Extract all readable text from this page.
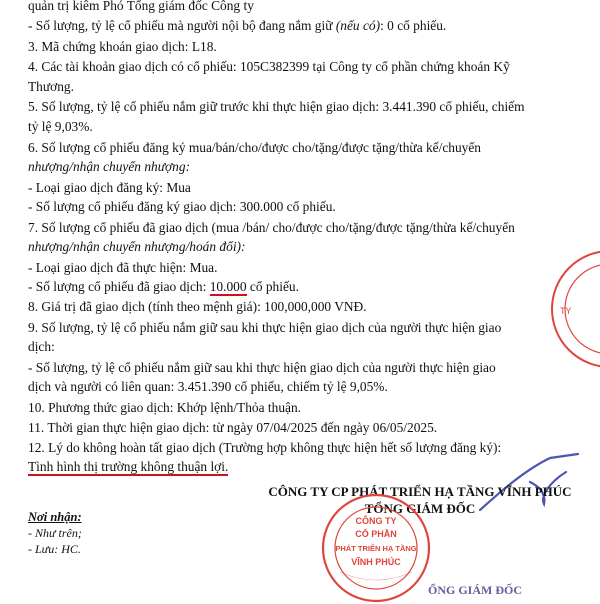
quản trị kiêm Phó Tổng giám đốc Công ty
- Số lượng, tỷ lệ cổ phiếu mà người nội bộ đang nắm giữ (nếu có): 0 cổ phiếu.
3. Mã chứng khoán giao dịch: L18.
4. Các tài khoản giao dịch có cổ phiếu: 105C382399 tại Công ty cổ phần chứng khoán Kỹ
Thương.
5. Số lượng, tỷ lệ cổ phiếu nắm giữ trước khi thực hiện giao dịch: 3.441.390 cổ phiếu, chiếm
tỷ lệ 9,03%.
6. Số lượng cổ phiếu đăng ký mua/bán/cho/được cho/tặng/được tặng/thừa kế/chuyển
nhượng/nhận chuyển nhượng:
- Loại giao dịch đăng ký: Mua
- Số lượng cổ phiếu đăng ký giao dịch: 300.000 cổ phiếu.
7. Số lượng cổ phiếu đã giao dịch (mua /bán/ cho/được cho/tặng/được tặng/thừa kế/chuyển
nhượng/nhận chuyển nhượng/hoán đổi):
- Loại giao dịch đã thực hiện: Mua.
- Số lượng cổ phiếu đã giao dịch: 10.000 cổ phiếu.
8. Giá trị đã giao dịch (tính theo mệnh giá): 100,000,000 VNĐ.
9. Số lượng, tỷ lệ cổ phiếu nắm giữ sau khi thực hiện giao dịch của người thực hiện giao
dịch:
- Số lượng, tỷ lệ cổ phiếu nắm giữ sau khi thực hiện giao dịch của người thực hiện giao
dịch và người có liên quan: 3.451.390 cổ phiếu, chiếm tỷ lệ 9,05%.
10. Phương thức giao dịch: Khớp lệnh/Thỏa thuận.
11. Thời gian thực hiện giao dịch: từ ngày 07/04/2025 đến ngày 06/05/2025.
12. Lý do không hoàn tất giao dịch (Trường hợp không thực hiện hết số lượng đăng ký):
Tình hình thị trường không thuận lợi.
TY
Nơi nhận:
- Như trên;
- Lưu: HC.
CÔNG TY CP PHÁT TRIỂN HẠ TẦNG VĨNH PHÚC
TỔNG GIÁM ĐỐC
CÔNG TY
CỔ PHẦN
PHÁT TRIỂN HẠ TẦNG
VĨNH PHÚC
ỔNG GIÁM ĐỐC
